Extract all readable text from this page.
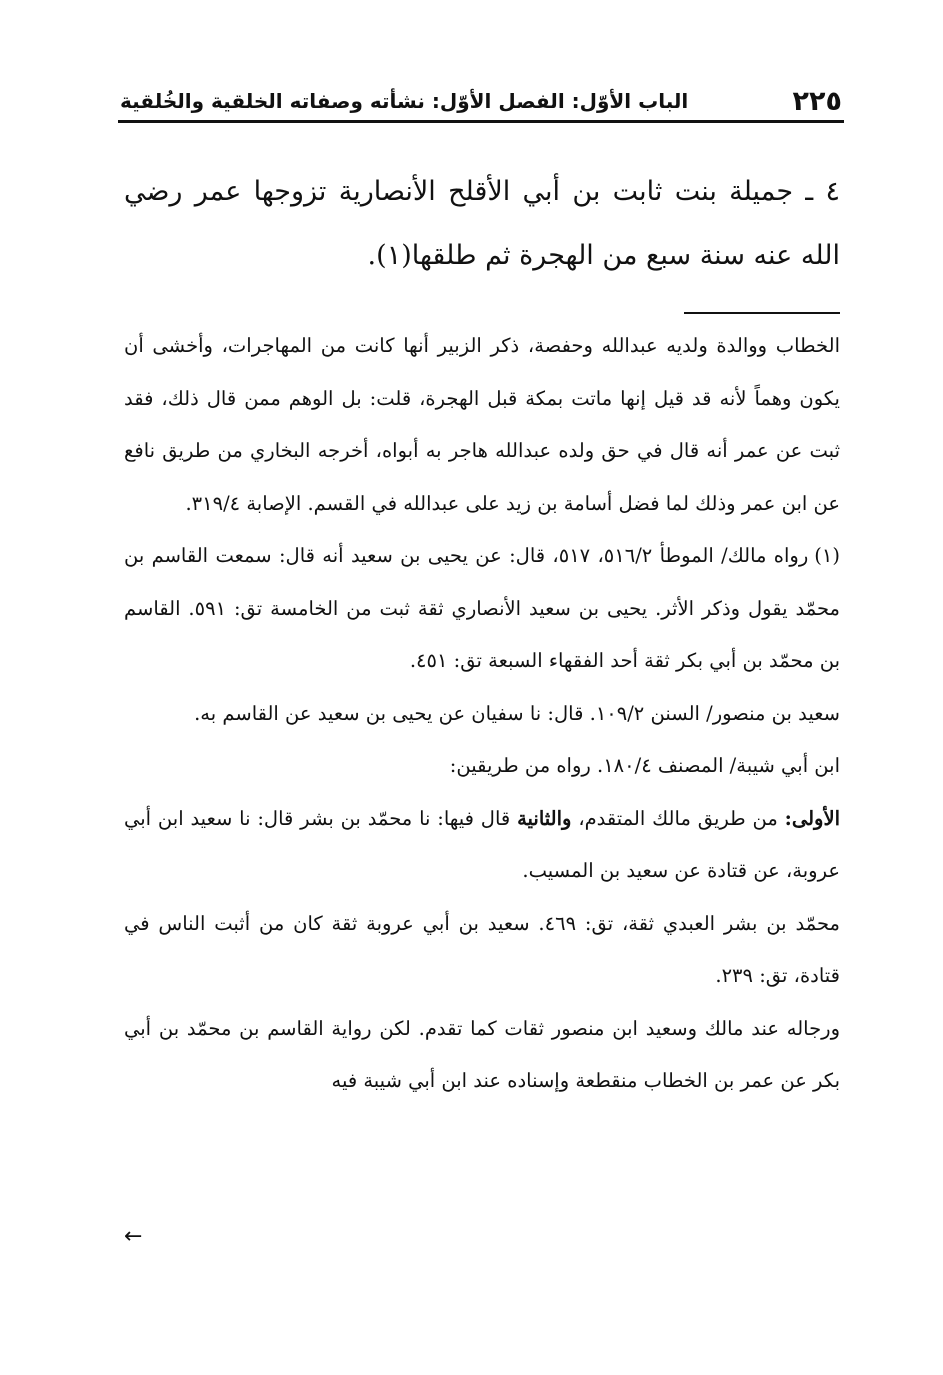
٢٢٥
الباب الأوّل: الفصل الأوّل: نشأته وصفاته الخلقية والخُلقية

٤ ـ جميلة بنت ثابت بن أبي الأقلح الأنصارية تزوجها عمر رضي الله عنه سنة سبع من الهجرة ثم طلقها(١).

الخطاب ووالدة ولديه عبدالله وحفصة، ذكر الزبير أنها كانت من المهاجرات، وأخشى أن يكون وهماً لأنه قد قيل إنها ماتت بمكة قبل الهجرة، قلت: بل الوهم ممن قال ذلك، فقد ثبت عن عمر أنه قال في حق ولده عبدالله هاجر به أبواه، أخرجه البخاري من طريق نافع عن ابن عمر وذلك لما فضل أسامة بن زيد على عبدالله في القسم. الإصابة ٣١٩/٤.

(١)رواه مالك/ الموطأ ٥١٦/٢، ٥١٧، قال: عن يحيى بن سعيد أنه قال: سمعت القاسم بن محمّد يقول وذكر الأثر. يحيى بن سعيد الأنصاري ثقة ثبت من الخامسة تق: ٥٩١. القاسم بن محمّد بن أبي بكر ثقة أحد الفقهاء السبعة تق: ٤٥١.

سعيد بن منصور/ السنن ١٠٩/٢. قال: نا سفيان عن يحيى بن سعيد عن القاسم به.

ابن أبي شيبة/ المصنف ١٨٠/٤. رواه من طريقين:

الأولى: من طريق مالك المتقدم، والثانية قال فيها: نا محمّد بن بشر قال: نا سعيد ابن أبي عروبة، عن قتادة عن سعيد بن المسيب.

محمّد بن بشر العبدي ثقة، تق: ٤٦٩. سعيد بن أبي عروبة ثقة كان من أثبت الناس في قتادة، تق: ٢٣٩.

ورجاله عند مالك وسعيد ابن منصور ثقات كما تقدم. لكن رواية القاسم بن محمّد بن أبي بكر عن عمر بن الخطاب منقطعة وإسناده عند ابن أبي شيبة فيه

←
